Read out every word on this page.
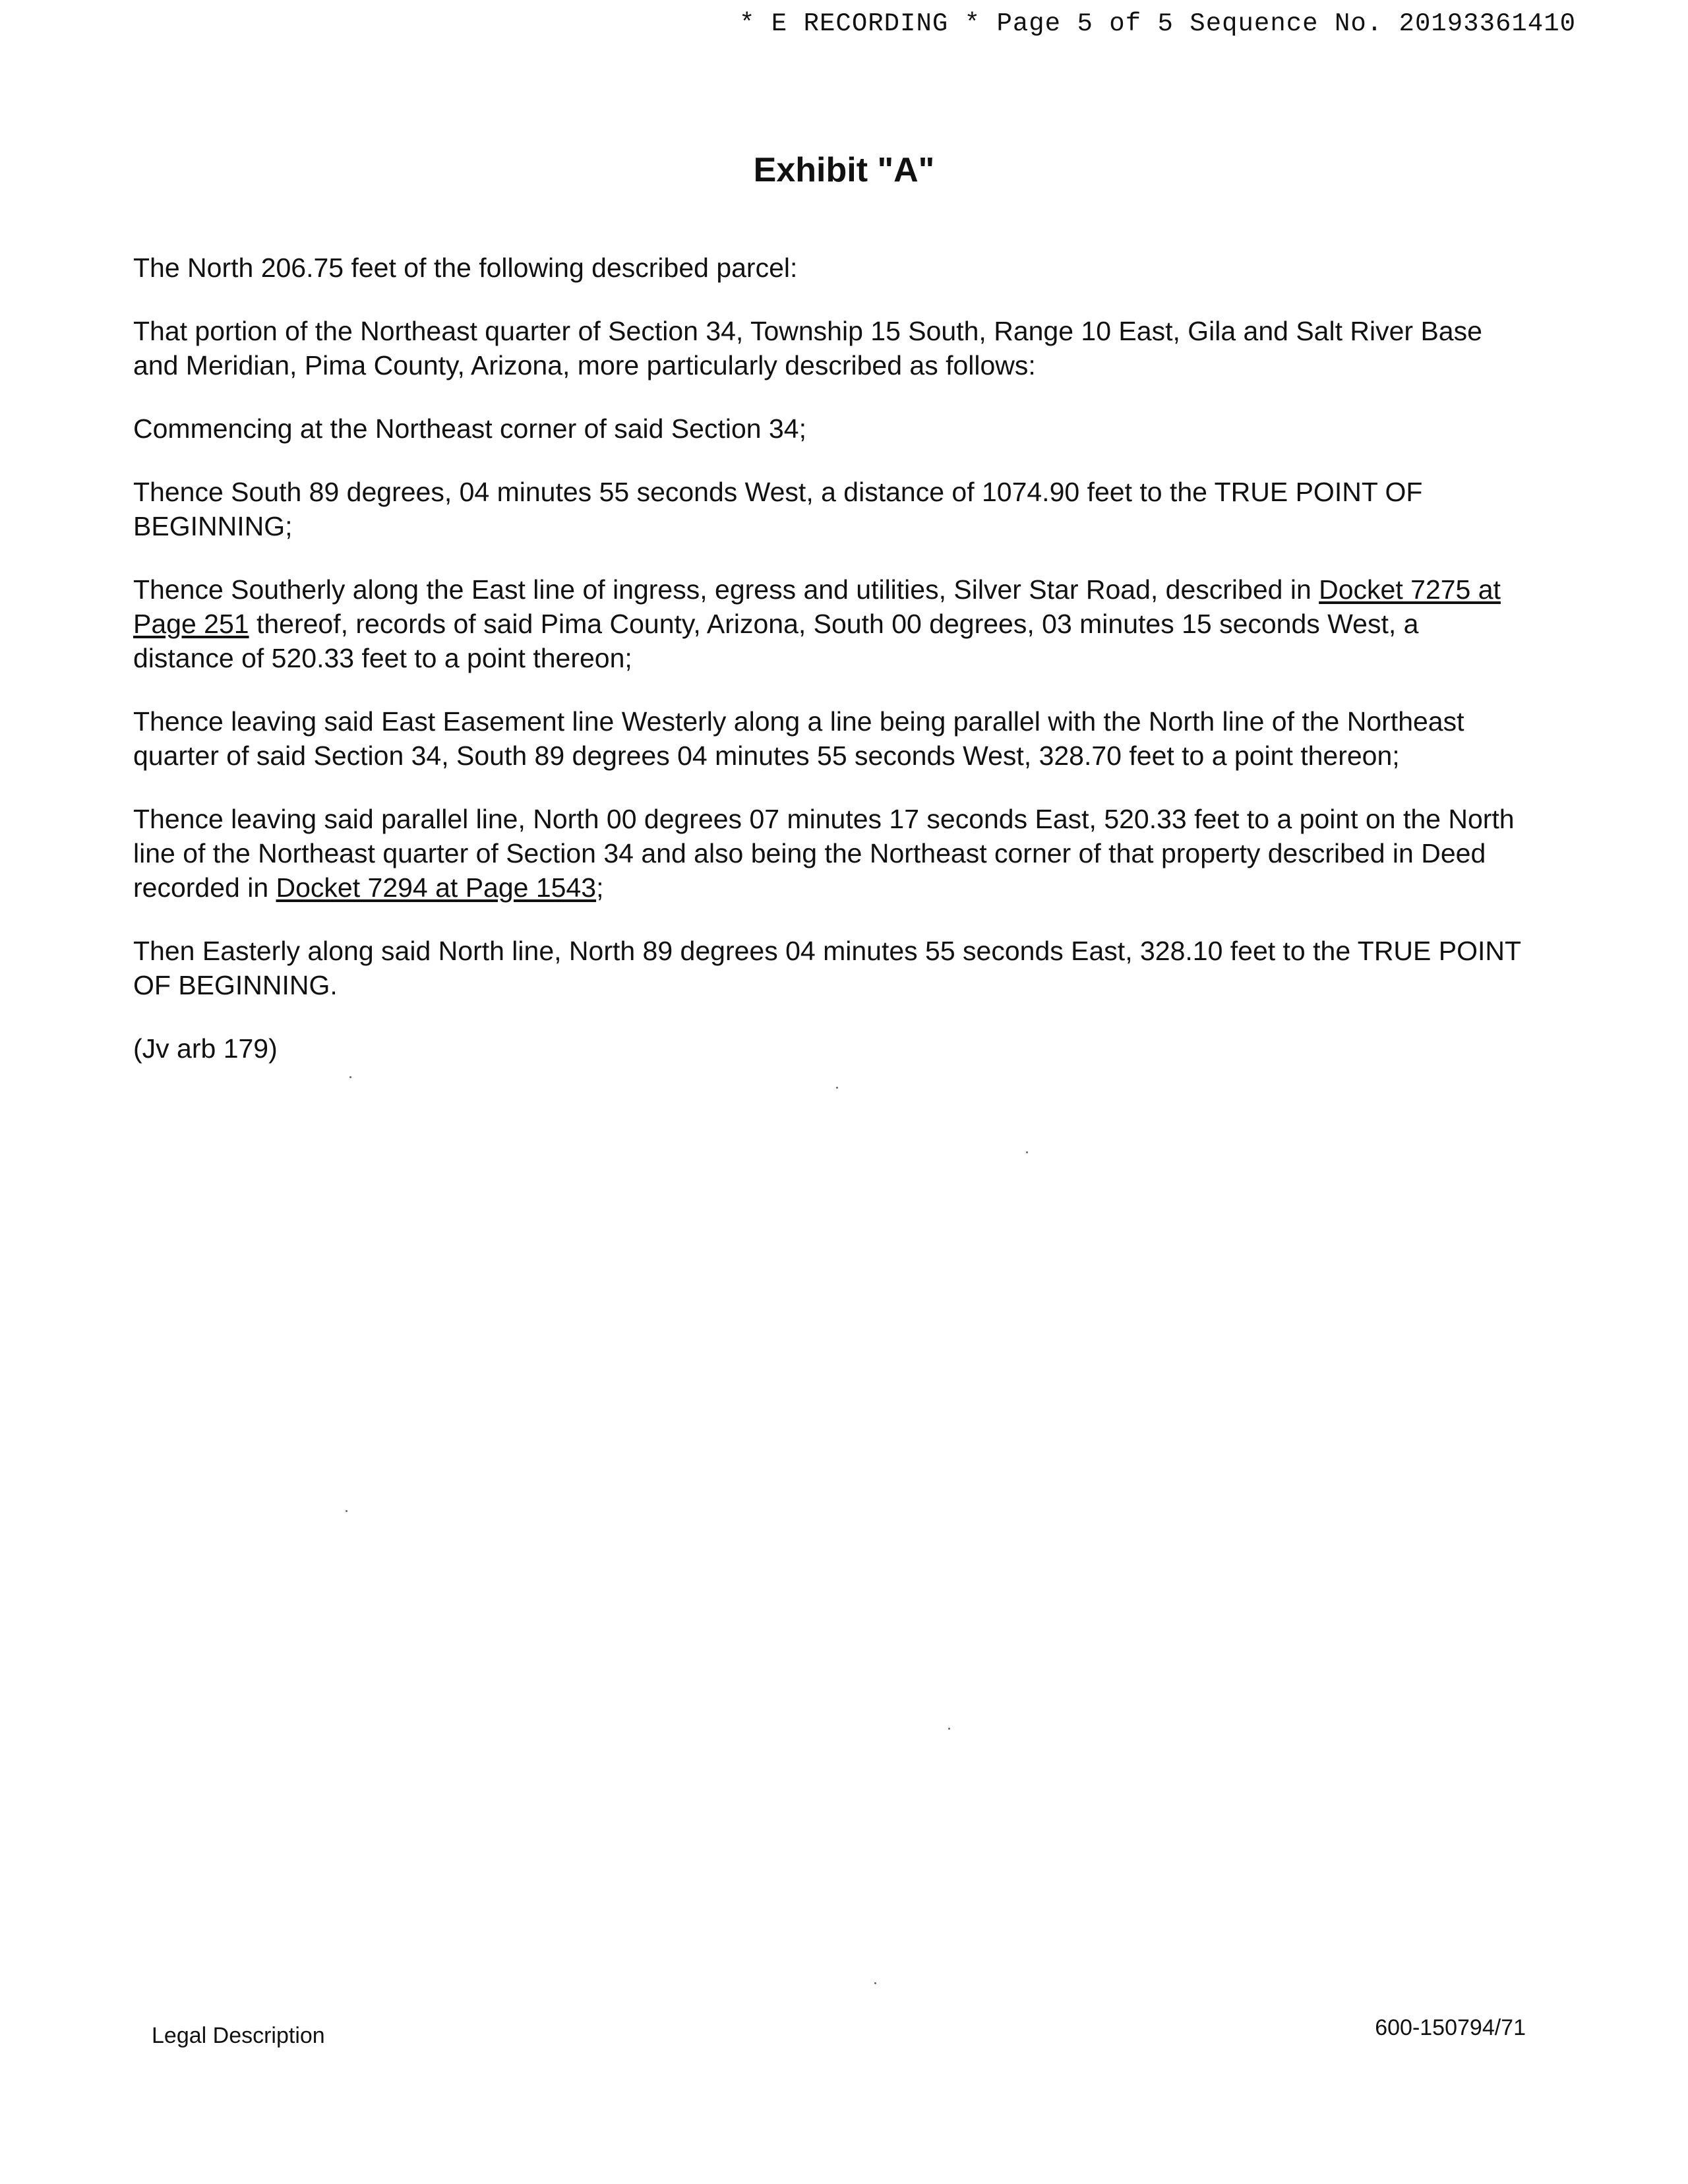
* E RECORDING * Page 5 of 5 Sequence No. 20193361410
Exhibit "A"

The North 206.75 feet of the following described parcel:

That portion of the Northeast quarter of Section 34, Township 15 South, Range 10 East, Gila and Salt River Base and Meridian, Pima County, Arizona, more particularly described as follows:

Commencing at the Northeast corner of said Section 34;

Thence South 89 degrees, 04 minutes 55 seconds West, a distance of 1074.90 feet to the TRUE POINT OF BEGINNING;

Thence Southerly along the East line of ingress, egress and utilities, Silver Star Road, described in Docket 7275 at Page 251 thereof, records of said Pima County, Arizona, South 00 degrees, 03 minutes 15 seconds West, a distance of 520.33 feet to a point thereon;

Thence leaving said East Easement line Westerly along a line being parallel with the North line of the Northeast quarter of said Section 34, South 89 degrees 04 minutes 55 seconds West, 328.70 feet to a point thereon;

Thence leaving said parallel line, North 00 degrees 07 minutes 17 seconds East, 520.33 feet to a point on the North line of the Northeast quarter of Section 34 and also being the Northeast corner of that property described in Deed recorded in Docket 7294 at Page 1543;

Then Easterly along said North line, North 89 degrees 04 minutes 55 seconds East, 328.10 feet to the TRUE POINT OF BEGINNING.

(Jv arb 179)

Legal Description	600-150794/71
